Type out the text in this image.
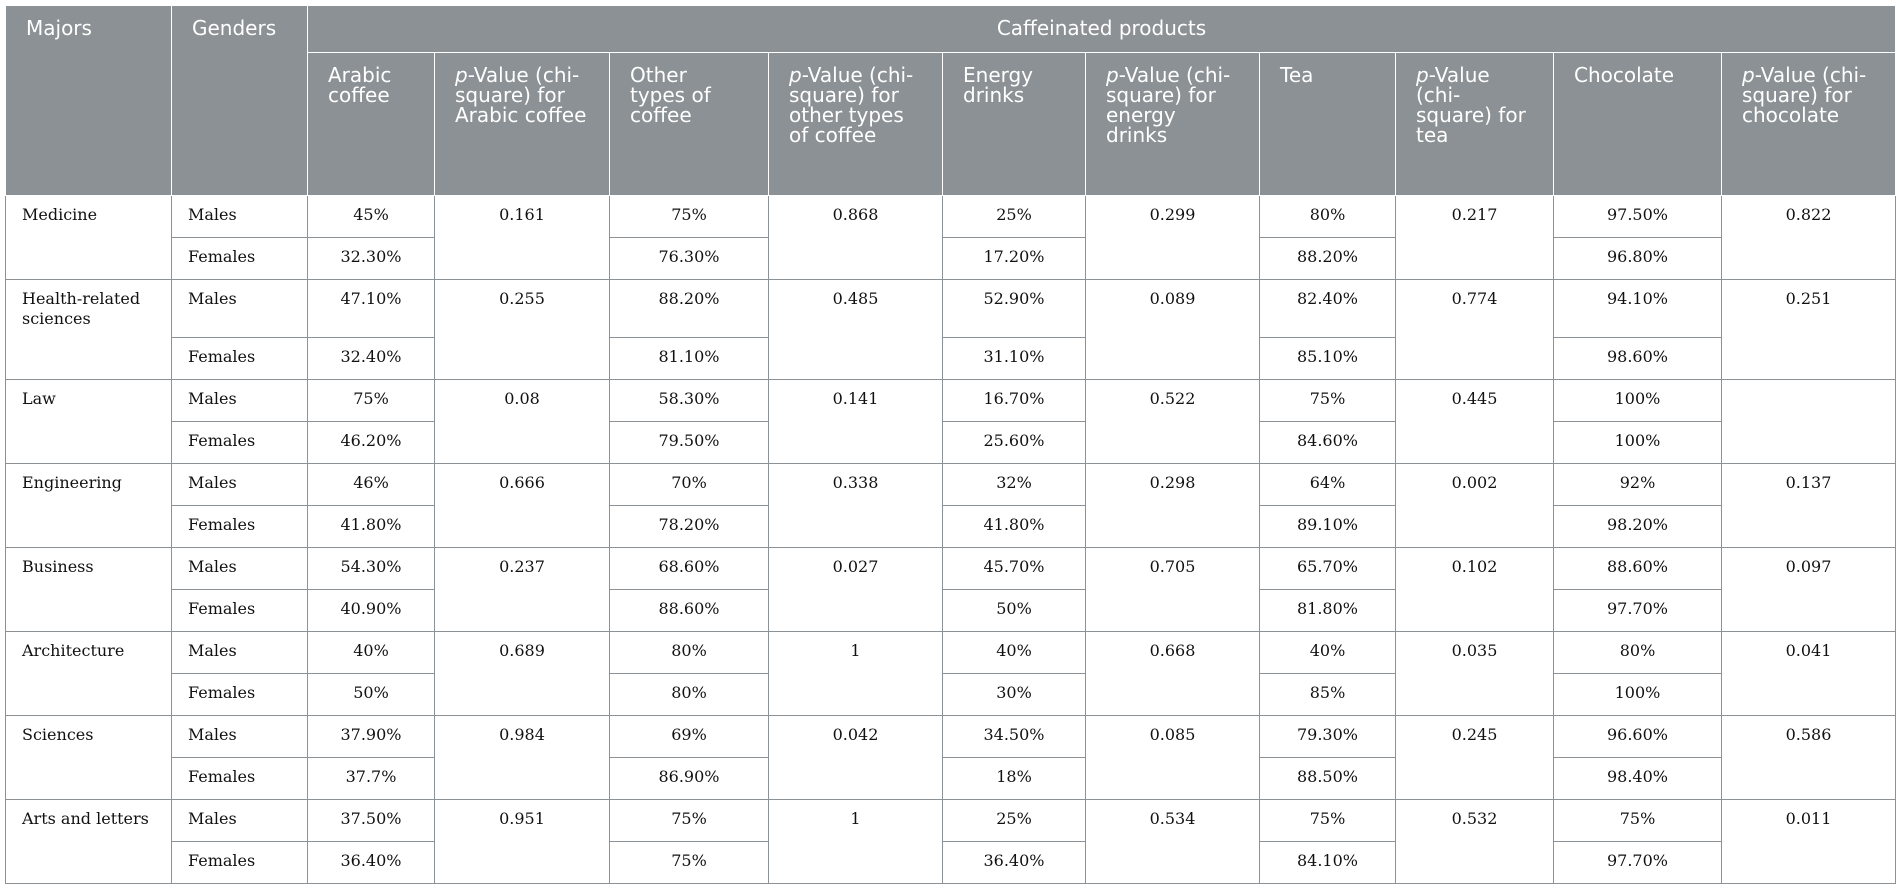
Majors	Genders	Caffeinated products									

		Arabic coffee	p-Value (chi-square) for Arabic coffee	Other types of coffee	p-Value (chi-square) for other types of coffee	Energy drinks	p-Value (chi-square) for energy drinks	Tea	p-Value (chi-square) for tea	Chocolate	p-Value (chi-square) for chocolate

Medicine	Males	45%	0.161	75%	0.868	25%	0.299	80%	0.217	97.50%	0.822

	Females	32.30%		76.30%		17.20%		88.20%		96.80%	

Health-related sciences	Males	47.10%	0.255	88.20%	0.485	52.90%	0.089	82.40%	0.774	94.10%	0.251

	Females	32.40%		81.10%		31.10%		85.10%		98.60%	

Law	Males	75%	0.08	58.30%	0.141	16.70%	0.522	75%	0.445	100%	

	Females	46.20%		79.50%		25.60%		84.60%		100%	

Engineering	Males	46%	0.666	70%	0.338	32%	0.298	64%	0.002	92%	0.137

	Females	41.80%		78.20%		41.80%		89.10%		98.20%	

Business	Males	54.30%	0.237	68.60%	0.027	45.70%	0.705	65.70%	0.102	88.60%	0.097

	Females	40.90%		88.60%		50%		81.80%		97.70%	

Architecture	Males	40%	0.689	80%	1	40%	0.668	40%	0.035	80%	0.041

	Females	50%		80%		30%		85%		100%	

Sciences	Males	37.90%	0.984	69%	0.042	34.50%	0.085	79.30%	0.245	96.60%	0.586

	Females	37.7%		86.90%		18%		88.50%		98.40%	

Arts and letters	Males	37.50%	0.951	75%	1	25%	0.534	75%	0.532	75%	0.011

	Females	36.40%		75%		36.40%		84.10%		97.70%	
